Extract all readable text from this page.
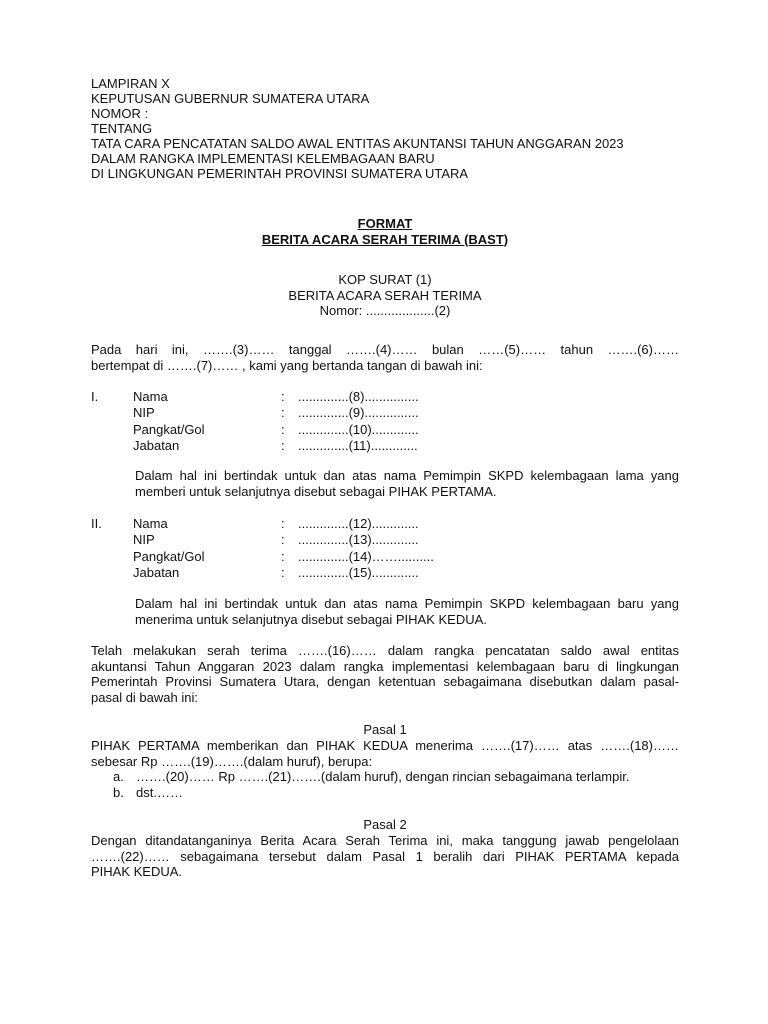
LAMPIRAN X
KEPUTUSAN GUBERNUR SUMATERA UTARA
NOMOR :
TENTANG
TATA CARA PENCATATAN SALDO AWAL ENTITAS AKUNTANSI TAHUN ANGGARAN 2023
DALAM RANGKA IMPLEMENTASI KELEMBAGAAN BARU
DI LINGKUNGAN PEMERINTAH PROVINSI SUMATERA UTARA
FORMAT
BERITA ACARA SERAH TERIMA (BAST)
KOP SURAT (1)
BERITA ACARA SERAH TERIMA
Nomor: ...................(2)
Pada hari ini, …….(3)…… tanggal …….(4)…… bulan ……(5)…… tahun …….(6)……
bertempat di …….(7)…… , kami yang bertanda tangan di bawah ini:
I.	Nama	: ..............(8)...............
NIP	: ..............(9)...............
Pangkat/Gol	: ..............(10).............
Jabatan	: ..............(11).............
Dalam hal ini bertindak untuk dan atas nama Pemimpin SKPD kelembagaan lama yang
memberi untuk selanjutnya disebut sebagai PIHAK PERTAMA.
II. Nama	: ..............(12).............
NIP	: ..............(13).............
Pangkat/Gol	: ..............(14)……..........
Jabatan	: ..............(15).............
Dalam hal ini bertindak untuk dan atas nama Pemimpin SKPD kelembagaan baru yang
menerima untuk selanjutnya disebut sebagai PIHAK KEDUA.
Telah melakukan serah terima …….(16)…… dalam rangka pencatatan saldo awal entitas
akuntansi Tahun Anggaran 2023 dalam rangka implementasi kelembagaan baru di lingkungan
Pemerintah Provinsi Sumatera Utara, dengan ketentuan sebagaimana disebutkan dalam pasal-
pasal di bawah ini:
Pasal 1
PIHAK PERTAMA memberikan dan PIHAK KEDUA menerima …….(17)…… atas …….(18)……
sebesar Rp …….(19)…….(dalam huruf), berupa:
a. …….(20)…… Rp …….(21)…….(dalam huruf), dengan rincian sebagaimana terlampir.
b. dst.……
Pasal 2
Dengan ditandatanganinya Berita Acara Serah Terima ini, maka tanggung jawab pengelolaan
…….(22)…… sebagaimana tersebut dalam Pasal 1 beralih dari PIHAK PERTAMA kepada
PIHAK KEDUA.
